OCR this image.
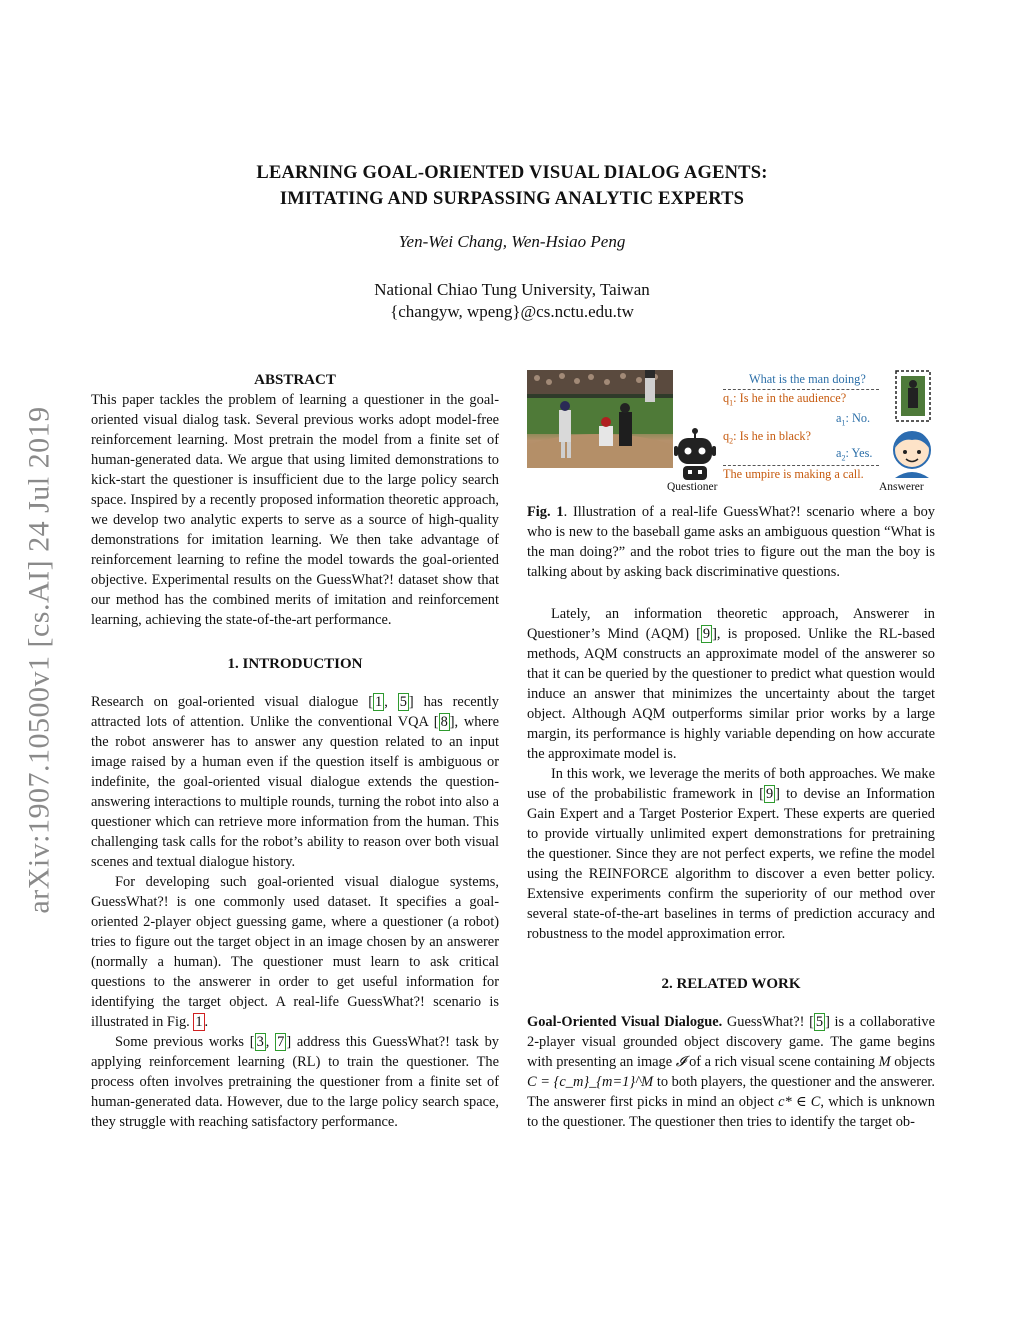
arXiv:1907.10500v1 [cs.AI] 24 Jul 2019
LEARNING GOAL-ORIENTED VISUAL DIALOG AGENTS:
IMITATING AND SURPASSING ANALYTIC EXPERTS
Yen-Wei Chang, Wen-Hsiao Peng
National Chiao Tung University, Taiwan
{changyw, wpeng}@cs.nctu.edu.tw
ABSTRACT

This paper tackles the problem of learning a questioner in the goal-oriented visual dialog task. Several previous works adopt model-free reinforcement learning. Most pretrain the model from a finite set of human-generated data. We argue that using limited demonstrations to kick-start the questioner is insufficient due to the large policy search space. Inspired by a recently proposed information theoretic approach, we develop two analytic experts to serve as a source of high-quality demonstrations for imitation learning. We then take advantage of reinforcement learning to refine the model towards the goal-oriented objective. Experimental results on the GuessWhat?! dataset show that our method has the combined merits of imitation and reinforcement learning, achieving the state-of-the-art performance.

1. INTRODUCTION

Research on goal-oriented visual dialogue [ 1 , 5 ] has recently attracted lots of attention. Unlike the conventional VQA [ 8 ], where the robot answerer has to answer any question related to an input image raised by a human even if the question itself is ambiguous or indefinite, the goal-oriented visual dialogue extends the question-answering interactions to multiple rounds, turning the robot into also a questioner which can retrieve more information from the human. This challenging task calls for the robot’s ability to reason over both visual scenes and textual dialogue history.

For developing such goal-oriented visual dialogue systems, GuessWhat?! is one commonly used dataset. It specifies a goal-oriented 2-player object guessing game, where a questioner (a robot) tries to figure out the target object in an image chosen by an answerer (normally a human). The questioner must learn to ask critical questions to the answerer in order to get useful information for identifying the target object. A real-life GuessWhat?! scenario is illustrated in Fig. 1 .

Some previous works [ 3 , 7 ] address this GuessWhat?! task by applying reinforcement learning (RL) to train the questioner. The process often involves pretraining the questioner from a finite set of human-generated data. However, due to the large policy search space, they struggle with reaching satisfactory performance.

What is the man doing?
$q_1$: Is he in the audience?
$a_1$: No.
$q_2$: Is he in black?
$a_2$: Yes.
The umpire is making a call.
Questioner	Answerer

Fig. 1. Illustration of a real-life GuessWhat?! scenario where a boy who is new to the baseball game asks an ambiguous question “What is the man doing?” and the robot tries to figure out the man the boy is talking about by asking back discriminative questions.

Lately, an information theoretic approach, Answerer in Questioner’s Mind (AQM) [ 9 ], is proposed. Unlike the RL-based methods, AQM constructs an approximate model of the answerer so that it can be queried by the questioner to predict what question would induce an answer that minimizes the uncertainty about the target object. Although AQM outperforms similar prior works by a large margin, its performance is highly variable depending on how accurate the approximate model is.

In this work, we leverage the merits of both approaches. We make use of the probabilistic framework in [ 9 ] to devise an Information Gain Expert and a Target Posterior Expert. These experts are queried to provide virtually unlimited expert demonstrations for pretraining the questioner. Since they are not perfect experts, we refine the model using the REINFORCE algorithm to discover a even better policy. Extensive experiments confirm the superiority of our method over several state-of-the-art baselines in terms of prediction accuracy and robustness to the model approximation error.

2. RELATED WORK

Goal-Oriented Visual Dialogue. GuessWhat?! [ 5 ] is a collaborative 2-player visual grounded object discovery game. The game begins with presenting an image 𝓘 of a rich visual scene containing M objects C = {c_m}_{m=1}^M to both players, the questioner and the answerer. The answerer first picks in mind an object c* ∈ C, which is unknown to the questioner. The questioner then tries to identify the target ob-
